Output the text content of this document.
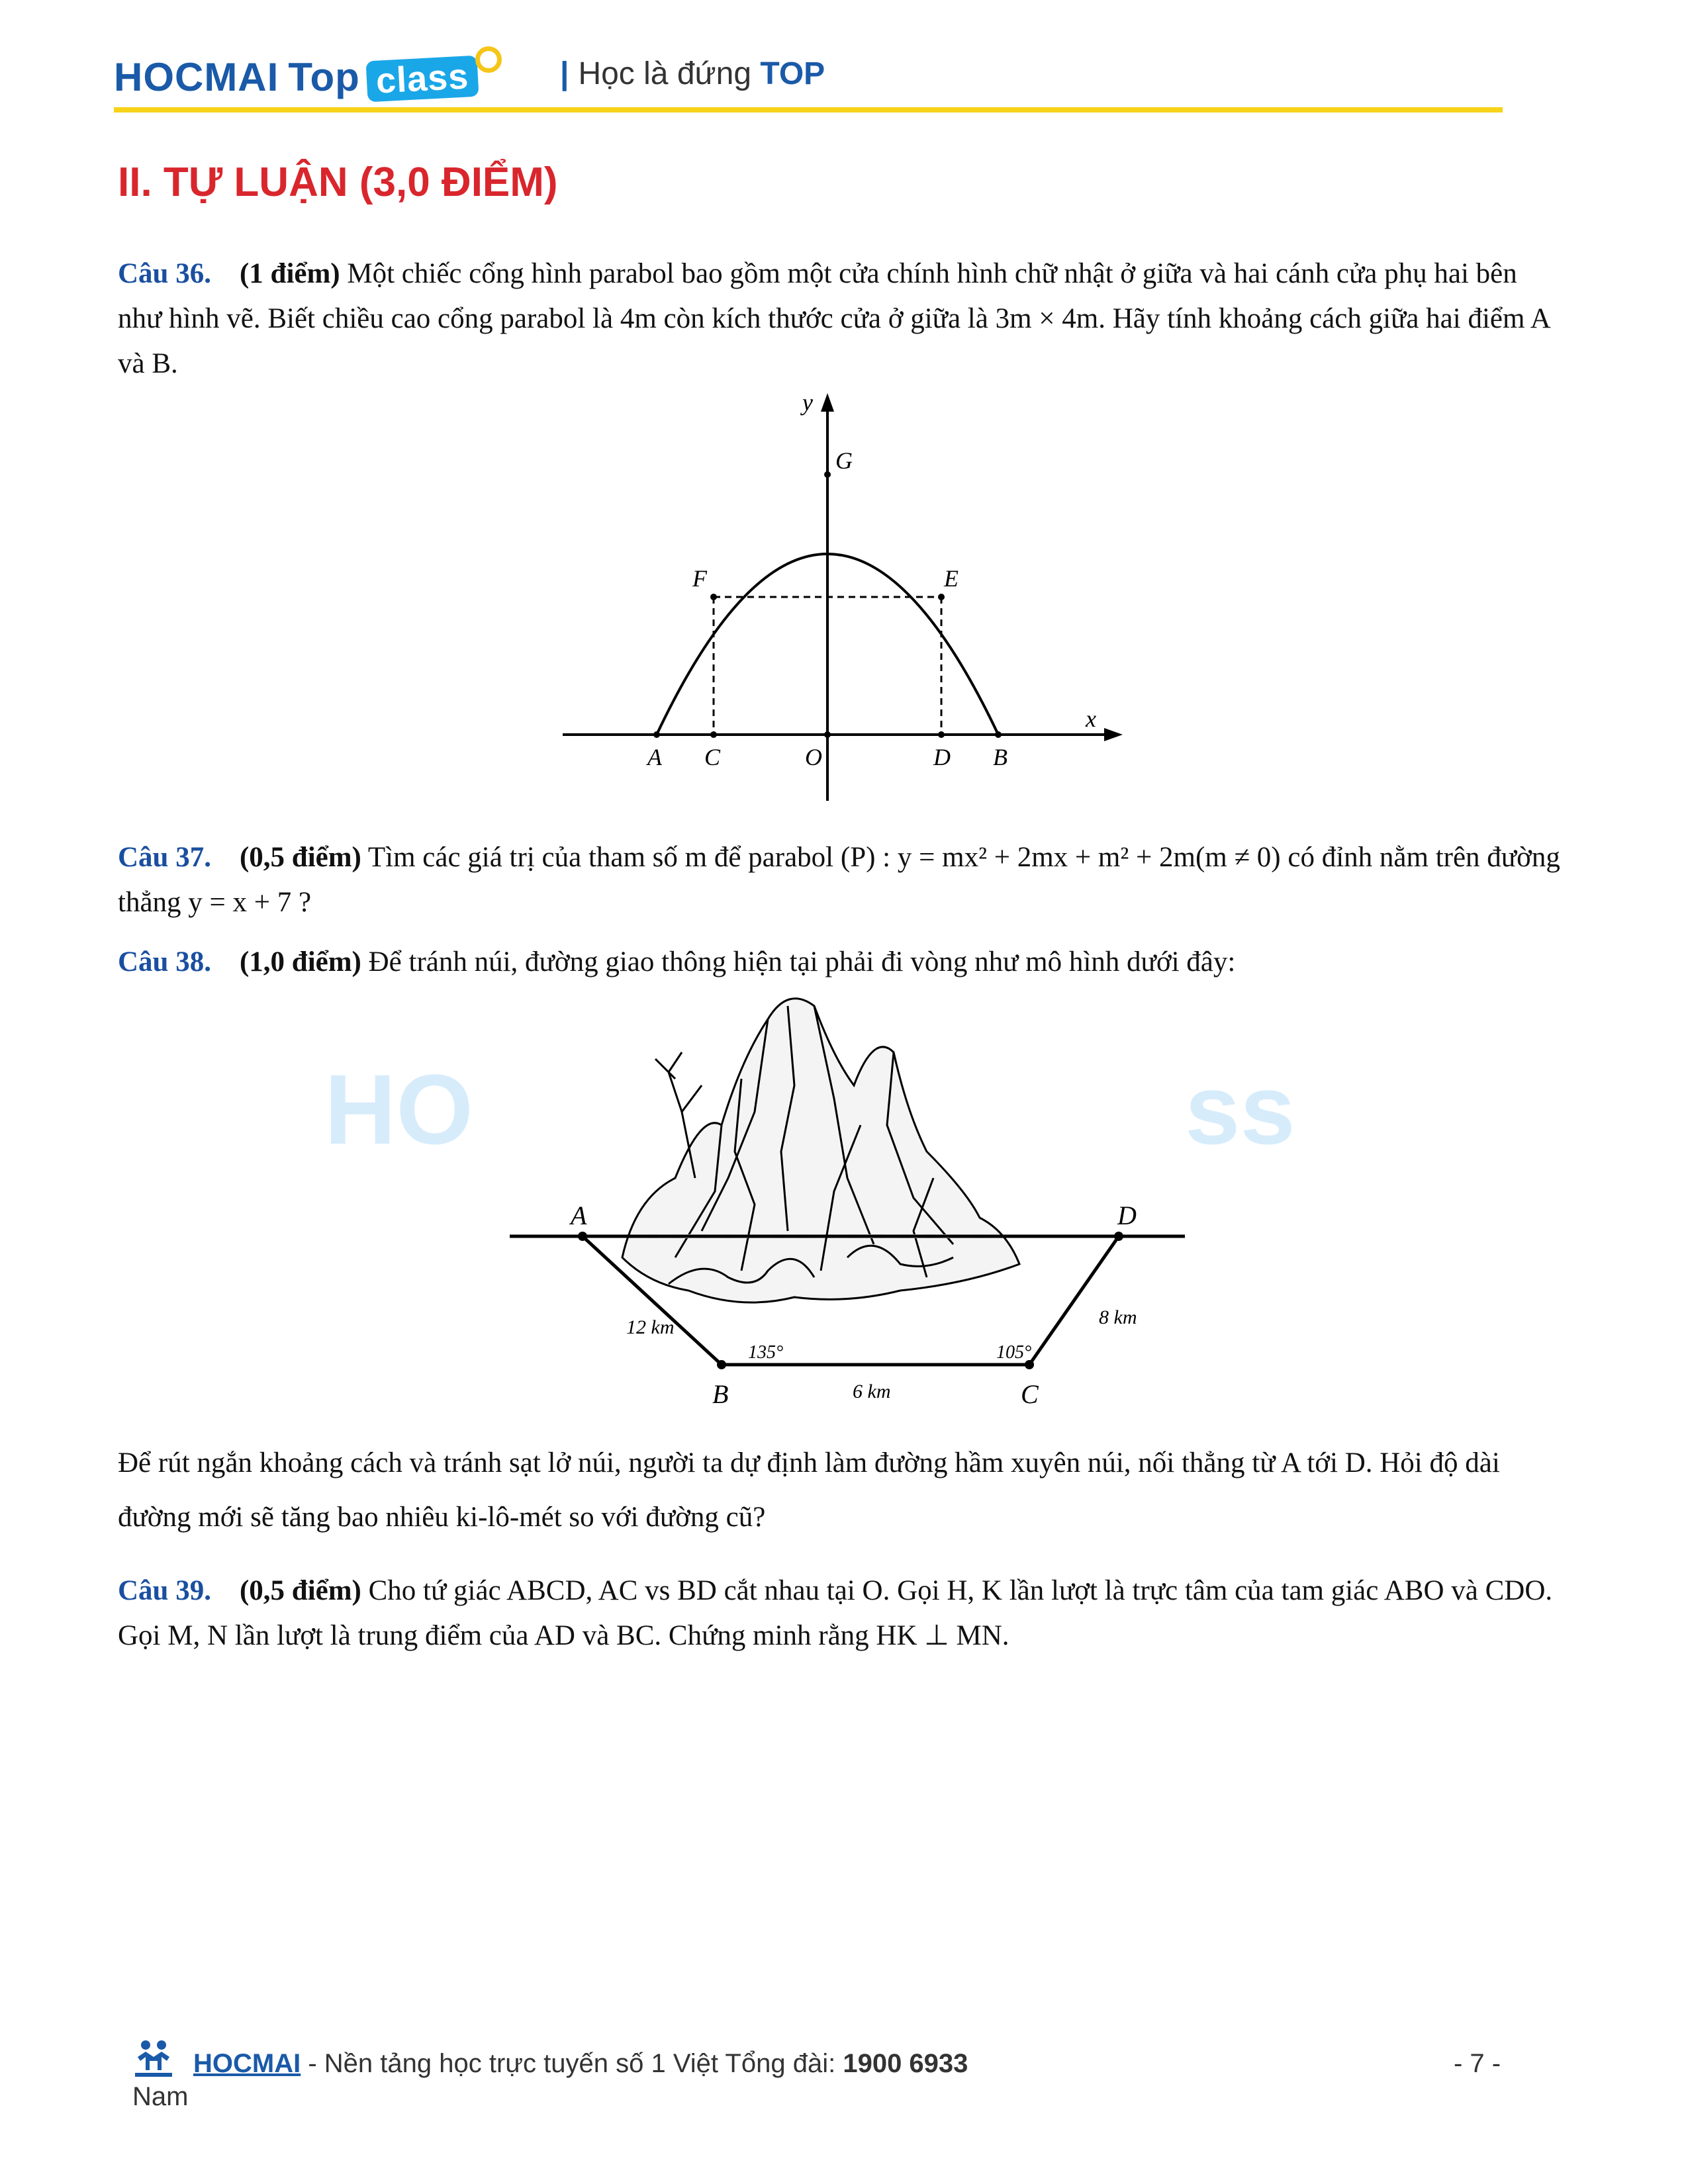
HOCMAI Top class	| Học là đứng TOP
II. TỰ LUẬN (3,0 ĐIỂM)
Câu 36. (1 điểm) Một chiếc cổng hình parabol bao gồm một cửa chính hình chữ nhật ở giữa và hai cánh cửa phụ hai bên như hình vẽ. Biết chiều cao cổng parabol là 4m còn kích thước cửa ở giữa là 3m × 4m. Hãy tính khoảng cách giữa hai điểm A và B.
y
x
G
F	E
A C	O	D B
Câu 37. (0,5 điểm) Tìm các giá trị của tham số m để parabol (P) : y = mx² + 2mx + m² + 2m(m ≠ 0) có đỉnh nằm trên đường thẳng y = x + 7 ?
Câu 38. (1,0 điểm) Để tránh núi, đường giao thông hiện tại phải đi vòng như mô hình dưới đây:
HO	ss
A	D
B	C
12 km
6 km
8 km
135°	105°
Để rút ngắn khoảng cách và tránh sạt lở núi, người ta dự định làm đường hầm xuyên núi, nối thẳng từ A tới D. Hỏi độ dài đường mới sẽ tăng bao nhiêu ki-lô-mét so với đường cũ?
Câu 39. (0,5 điểm) Cho tứ giác ABCD, AC vs BD cắt nhau tại O. Gọi H, K lần lượt là trực tâm của tam giác ABO và CDO. Gọi M, N lần lượt là trung điểm của AD và BC. Chứng minh rằng HK ⊥ MN.
HOCMAI - Nền tảng học trực tuyến số 1 Việt Tổng đài: 1900 6933	- 7 -
Nam
